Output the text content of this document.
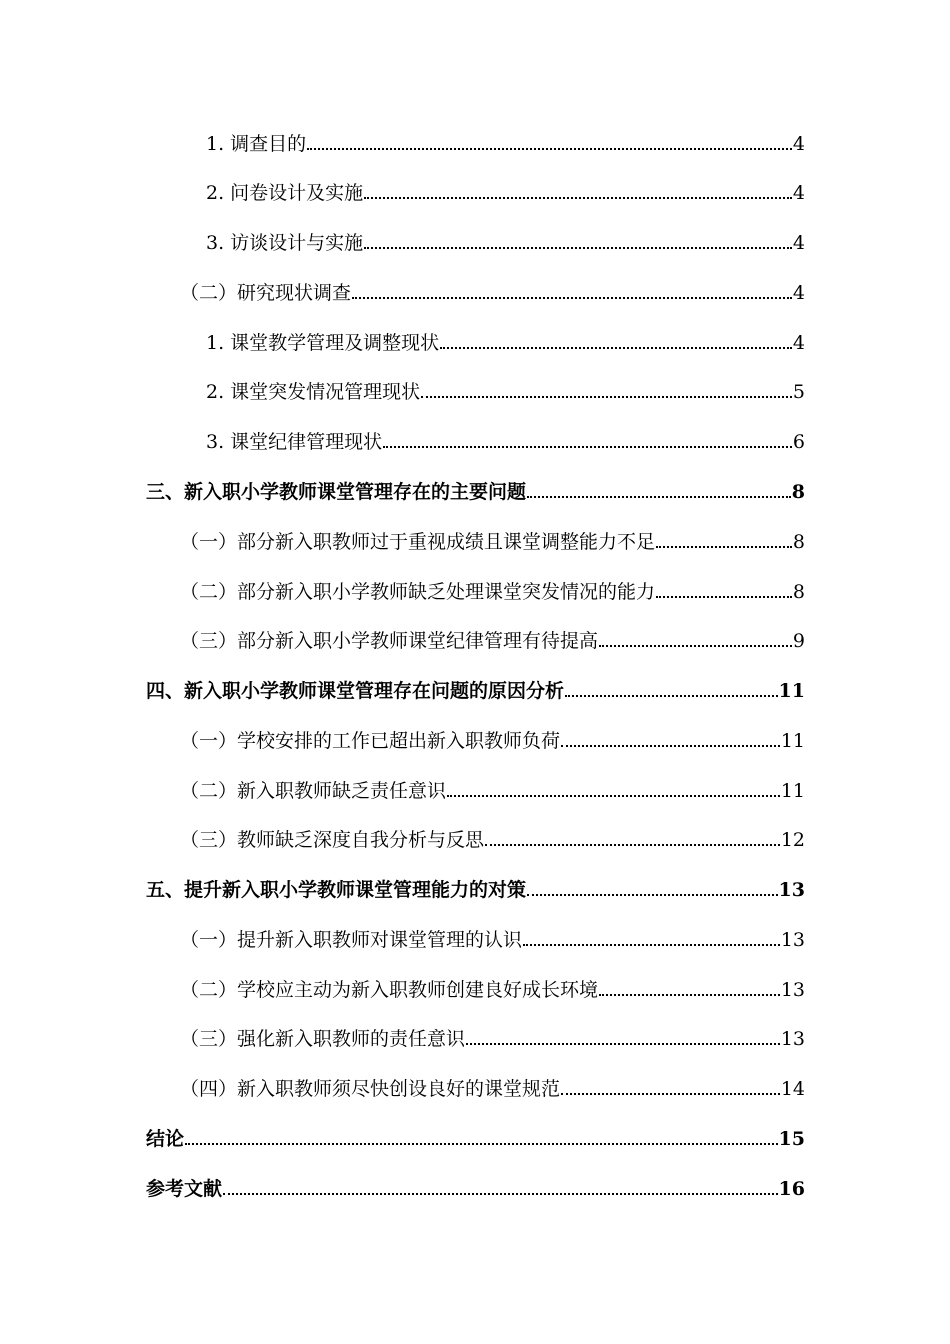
1. 调查目的	4
2. 问卷设计及实施	4
3. 访谈设计与实施	4
（二）研究现状调查	4
1. 课堂教学管理及调整现状	4
2. 课堂突发情况管理现状	5
3. 课堂纪律管理现状	6
三、新入职小学教师课堂管理存在的主要问题	8
（一）部分新入职教师过于重视成绩且课堂调整能力不足	8
（二）部分新入职小学教师缺乏处理课堂突发情况的能力	8
（三）部分新入职小学教师课堂纪律管理有待提高	9
四、新入职小学教师课堂管理存在问题的原因分析	11
（一）学校安排的工作已超出新入职教师负荷	11
（二）新入职教师缺乏责任意识	11
（三）教师缺乏深度自我分析与反思	12
五、提升新入职小学教师课堂管理能力的对策	13
（一）提升新入职教师对课堂管理的认识	13
（二）学校应主动为新入职教师创建良好成长环境	13
（三）强化新入职教师的责任意识	13
（四）新入职教师须尽快创设良好的课堂规范	14
结论	15
参考文献	16
